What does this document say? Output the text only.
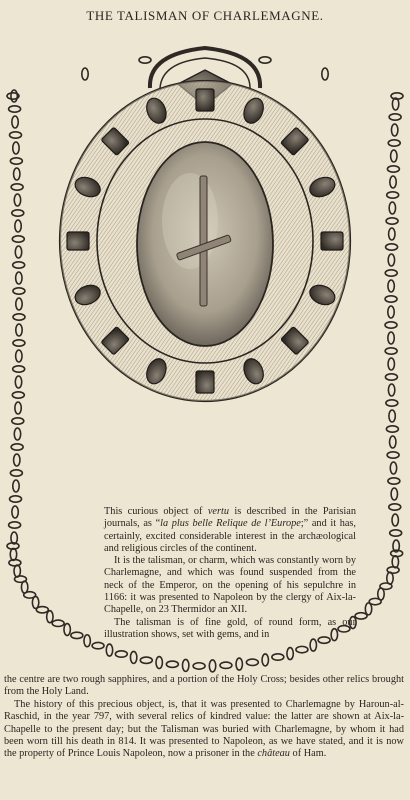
THE TALISMAN OF CHARLEMAGNE.

This curious object of vertu is described in the Parisian journals, as “la plus belle Relique de l’Europe;” and it has, certainly, excited considerable interest in the archæological and religious circles of the continent.

It is the talisman, or charm, which was constantly worn by Charlemagne, and which was found suspended from the neck of the Emperor, on the opening of his sepulchre in 1166: it was presented to Napoleon by the clergy of Aix-la-Chapelle, on 23 Thermidor an XII.

The talisman is of fine gold, of round form, as our illustration shows, set with gems, and in

the centre are two rough sapphires, and a portion of the Holy Cross; besides other relics brought from the Holy Land.

The history of this precious object, is, that it was presented to Charlemagne by Haroun-al-Raschid, in the year 797, with several relics of kindred value: the latter are shown at Aix-la-Chapelle to the present day; but the Talisman was buried with Charlemagne, by whom it had been worn till his death in 814. It was presented to Napoleon, as we have stated, and it is now the property of Prince Louis Napoleon, now a prisoner in the château of Ham.
